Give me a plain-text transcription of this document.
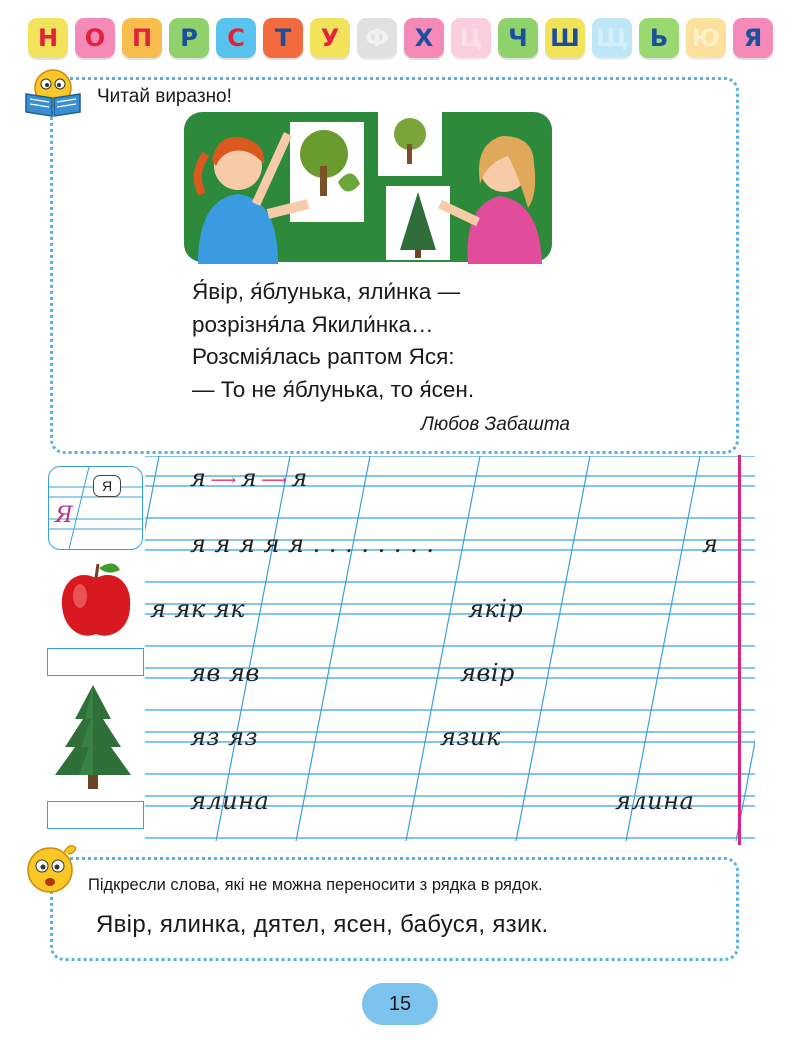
Н	О	П	Р	С	Т	У	Ф	Х	Ц	Ч Ш Щ Ь Ю Я
Читай виразно!
Я́вір, я́блунька, яли́нка —
розрізня́ла Якили́нка…
Розсмія́лась раптом Яся:
— То не я́блунька, то я́сен.
Любов Забашта
я ⟶ я ⟶ я
я я я я я . . . . . . . .	я
я як як	якір
яв яв	явір
яз яз	язик
ялина	ялина
Я
Я
Підкресли слова, які не можна переносити з рядка в рядок.
Явір, ялинка, дятел, ясен, бабуся, язик.
15
